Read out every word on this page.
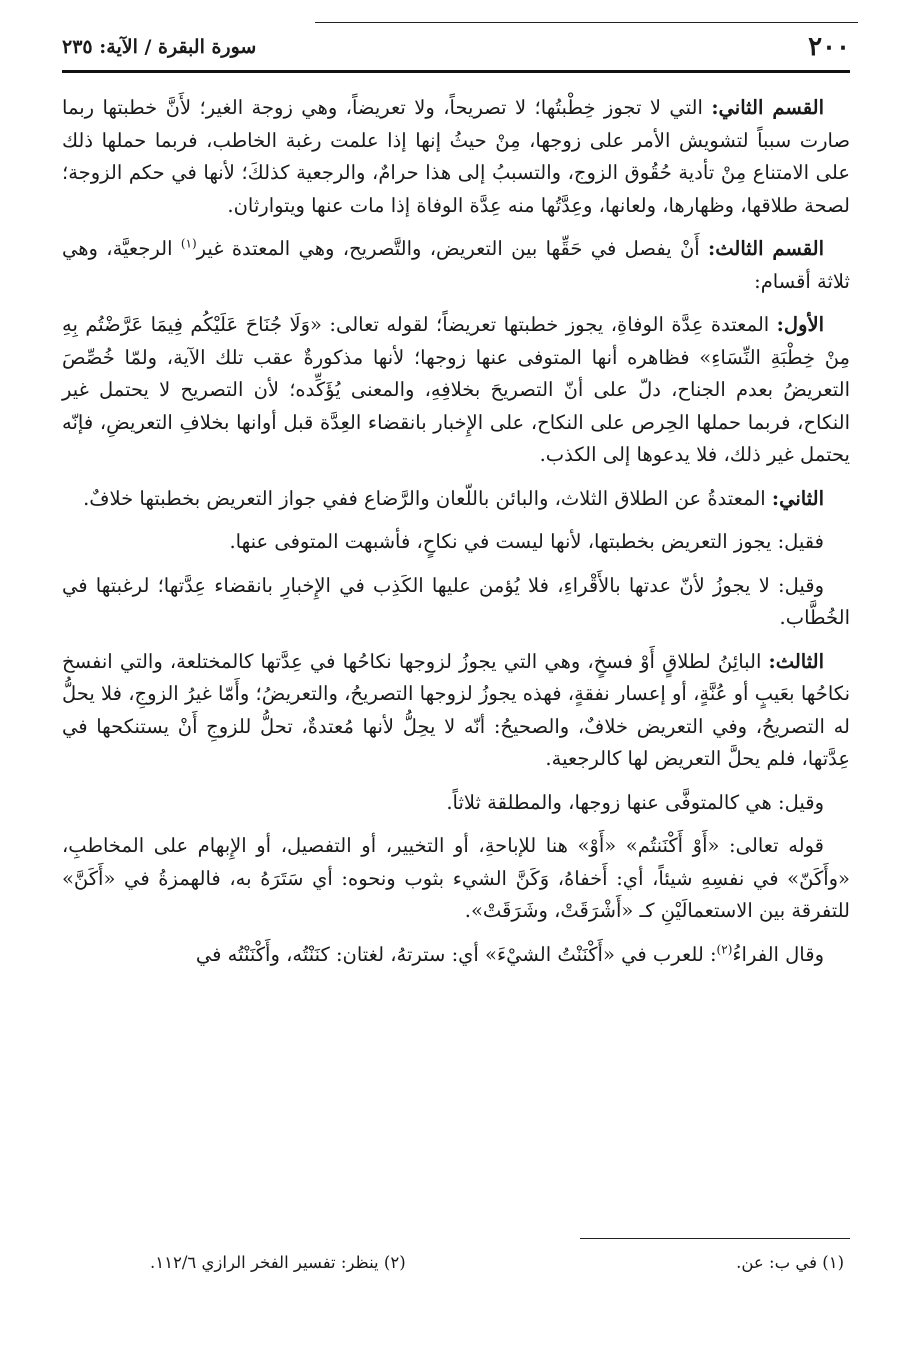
٢٠٠
سورة البقرة / الآية: ٢٣٥

القسم الثاني: التي لا تجوز خِطْبتُها؛ لا تصريحاً، ولا تعريضاً، وهي زوجة الغير؛ لأَنَّ خطبتها ربما صارت سبباً لتشويش الأمر على زوجها، مِنْ حيثُ إنها إذا علمت رغبة الخاطب، فربما حملها ذلك على الامتناع مِنْ تأدية حُقُوق الزوج، والتسببُ إلى هذا حرامٌ، والرجعية كذلكَ؛ لأنها في حكم الزوجة؛ لصحة طلاقها، وظهارها، ولعانها، وعِدَّتُها منه عِدَّة الوفاة إذا مات عنها ويتوارثان.

القسم الثالث: أَنْ يفصل في حَقِّها بين التعريض، والتَّصريح، وهي المعتدة غير$^{(١)}$ الرجعيَّة، وهي ثلاثة أقسام:

الأول: المعتدة عِدَّة الوفاةِ، يجوز خطبتها تعريضاً؛ لقوله تعالى: «وَلَا جُنَاحَ عَلَيْكُم فِيمَا عَرَّضْتُم بِهِ مِنْ خِطْبَةِ النِّسَاءِ» فظاهره أنها المتوفى عنها زوجها؛ لأنها مذكورةٌ عقب تلك الآية، ولمّا خُصِّصَ التعريضُ بعدم الجناح، دلّ على أنّ التصريحَ بخلافِهِ، والمعنى يُؤَكِّده؛ لأن التصريح لا يحتمل غير النكاح، فربما حملها الحِرص على النكاح، على الإِخبار بانقضاء العِدَّة قبل أوانها بخلافِ التعريضِ، فإنّه يحتمل غير ذلك، فلا يدعوها إلى الكذب.

الثاني: المعتدةُ عن الطلاق الثلاث، والبائن باللّعان والرَّضاع ففي جواز التعريض بخطبتها خلافٌ.

فقيل: يجوز التعريض بخطبتها، لأنها ليست في نكاحٍ، فأشبهت المتوفى عنها.

وقيل: لا يجوزُ لأنّ عدتها بالأَقْراءِ، فلا يُؤمن عليها الكَذِب في الإِخبارِ بانقضاء عِدَّتها؛ لرغبتها في الخُطَّاب.

الثالث: البائِنُ لطلاقٍ أَوْ فسخٍ، وهي التي يجوزُ لزوجها نكاحُها في عِدَّتها كالمختلعة، والتي انفسخ نكاحُها بعَيبٍ أو عُنَّةٍ، أو إعسار نفقةٍ، فهذه يجوزُ لزوجها التصريحُ، والتعريضُ؛ وأَمّا غيرُ الزوجِ، فلا يحلُّ له التصريحُ، وفي التعريض خلافٌ، والصحيحُ: أنّه لا يحِلُّ لأنها مُعتدةٌ، تحلُّ للزوجِ أَنْ يستنكحها في عِدَّتها، فلم يحلَّ التعريض لها كالرجعية.

وقيل: هي كالمتوفَّى عنها زوجها، والمطلقة ثلاثاً.

قوله تعالى: «أَوْ أَكْنَنتُم» «أَوْ» هنا للإباحةِ، أو التخيير، أو التفصيل، أو الإِبهام على المخاطبِ، «وأَكَنّ» في نفسِهِ شيئاً، أي: أَخفاهُ، وَكَنَّ الشيء بثوب ونحوه: أي سَتَرَهُ به، فالهمزةُ في «أَكَنَّ» للتفرقة بين الاستعمالَيْنِ كـ «أَشْرَقَتْ، وشَرَقَتْ».

وقال الفراءُ$^{(٢)}$: للعرب في «أَكْنَنْتُ الشيْءَ» أي: سترتهُ، لغتان: كنَنْتُه، وأَكْنَنْتُه في

(١) في ب: عن.
(٢) ينظر: تفسير الفخر الرازي ١١٢/٦.
